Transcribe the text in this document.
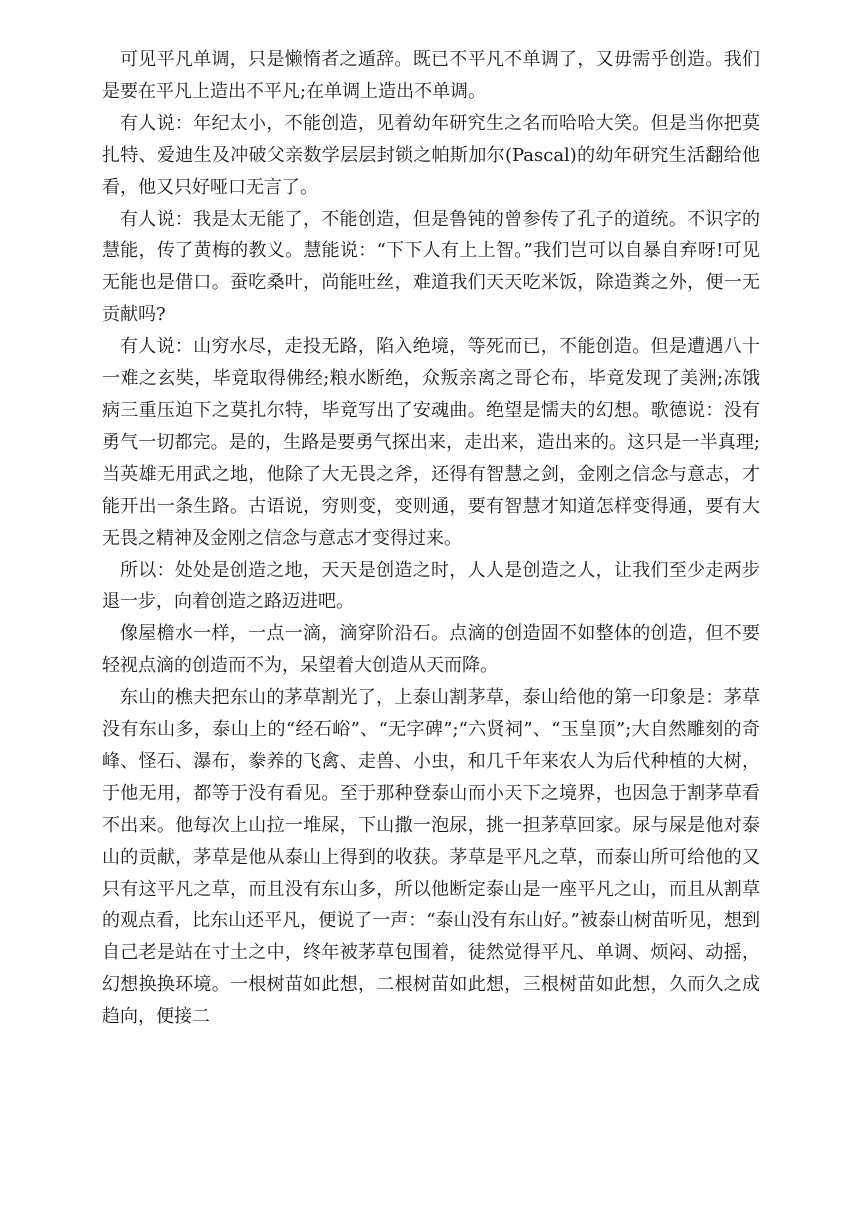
可见平凡单调，只是懒惰者之遁辞。既已不平凡不单调了，又毋需乎创造。我们是要在平凡上造出不平凡;在单调上造出不单调。

有人说：年纪太小，不能创造，见着幼年研究生之名而哈哈大笑。但是当你把莫扎特、爱迪生及冲破父亲数学层层封锁之帕斯加尔(Pascal)的幼年研究生活翻给他看，他又只好哑口无言了。

有人说：我是太无能了，不能创造，但是鲁钝的曾参传了孔子的道统。不识字的慧能，传了黄梅的教义。慧能说：“下下人有上上智。”我们岂可以自暴自弃呀!可见无能也是借口。蚕吃桑叶，尚能吐丝，难道我们天天吃米饭，除造粪之外，便一无贡献吗?

有人说：山穷水尽，走投无路，陷入绝境，等死而已，不能创造。但是遭遇八十一难之玄奘，毕竟取得佛经;粮水断绝，众叛亲离之哥仑布，毕竟发现了美洲;冻饿病三重压迫下之莫扎尔特，毕竟写出了安魂曲。绝望是懦夫的幻想。歌德说：没有勇气一切都完。是的，生路是要勇气探出来，走出来，造出来的。这只是一半真理;当英雄无用武之地，他除了大无畏之斧，还得有智慧之剑，金刚之信念与意志，才能开出一条生路。古语说，穷则变，变则通，要有智慧才知道怎样变得通，要有大无畏之精神及金刚之信念与意志才变得过来。

所以：处处是创造之地，天天是创造之时，人人是创造之人，让我们至少走两步退一步，向着创造之路迈进吧。

像屋檐水一样，一点一滴，滴穿阶沿石。点滴的创造固不如整体的创造，但不要轻视点滴的创造而不为，呆望着大创造从天而降。

东山的樵夫把东山的茅草割光了，上泰山割茅草，泰山给他的第一印象是：茅草没有东山多，泰山上的“经石峪”、“无字碑”;“六贤祠”、“玉皇顶”;大自然雕刻的奇峰、怪石、瀑布，豢养的飞禽、走兽、小虫，和几千年来农人为后代种植的大树，于他无用，都等于没有看见。至于那种登泰山而小天下之境界，也因急于割茅草看不出来。他每次上山拉一堆屎，下山撒一泡尿，挑一担茅草回家。尿与屎是他对泰山的贡献，茅草是他从泰山上得到的收获。茅草是平凡之草，而泰山所可给他的又只有这平凡之草，而且没有东山多，所以他断定泰山是一座平凡之山，而且从割草的观点看，比东山还平凡，便说了一声：“泰山没有东山好。”被泰山树苗听见，想到自己老是站在寸土之中，终年被茅草包围着，徒然觉得平凡、单调、烦闷、动摇，幻想换换环境。一根树苗如此想，二根树苗如此想，三根树苗如此想，久而久之成趋向，便接二
